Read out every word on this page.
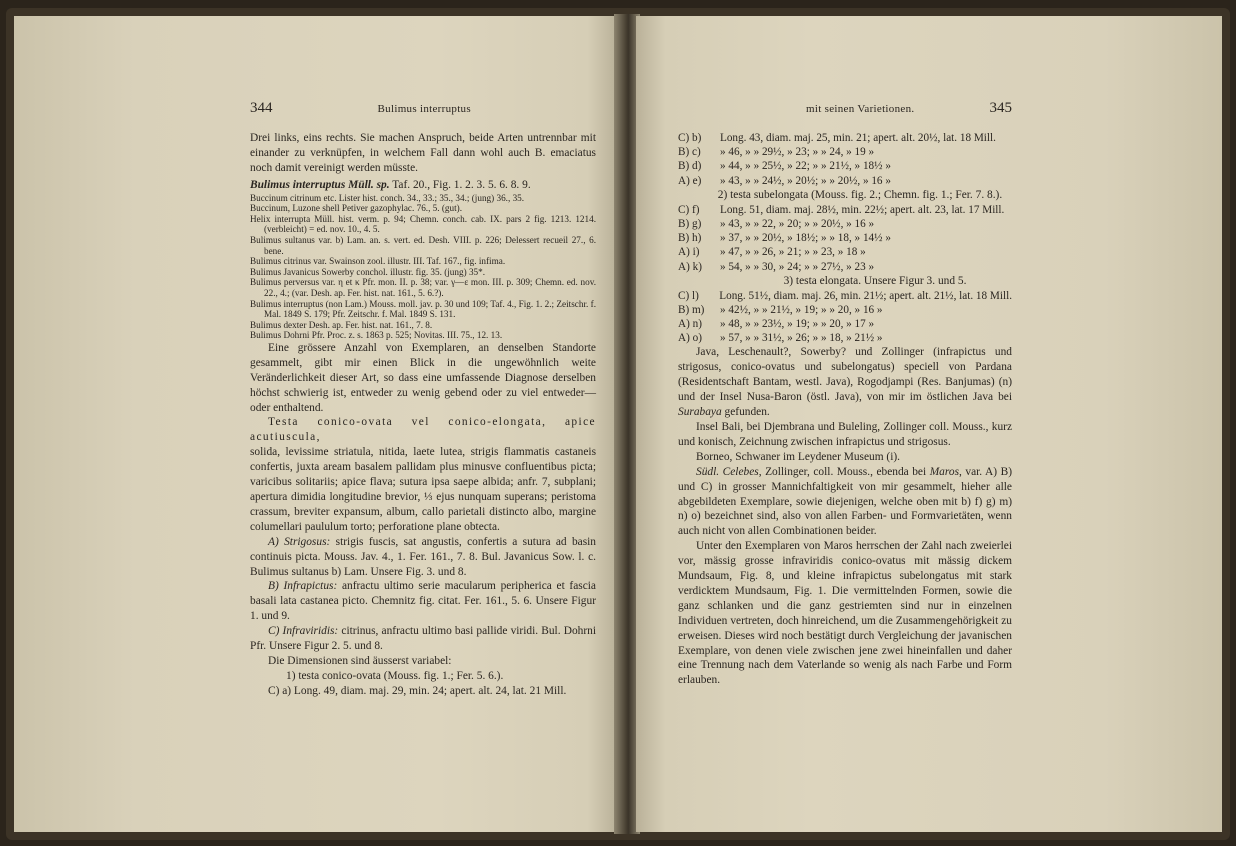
344	Bulimus interruptus

Drei links, eins rechts. Sie machen Anspruch, beide Arten untrennbar mit einander zu verknüpfen, in welchem Fall dann wohl auch B. emaciatus noch damit vereinigt werden müsste.

Bulimus interruptus Müll. sp. Taf. 20., Fig. 1. 2. 3. 5. 6. 8. 9.

Buccinum citrinum etc. Lister hist. conch. 34., 33.; 35., 34.; (jung) 36., 35.

Buccinum, Luzone shell Petiver gazophylac. 76., 5. (gut).

Helix interrupta Müll. hist. verm. p. 94; Chemn. conch. cab. IX. pars 2 fig. 1213. 1214. (verbleicht) = ed. nov. 10., 4. 5.

Bulimus sultanus var. b) Lam. an. s. vert. ed. Desh. VIII. p. 226; Delessert recueil 27., 6. bene.

Bulimus citrinus var. Swainson zool. illustr. III. Taf. 167., fig. infima.

Bulimus Javanicus Sowerby conchol. illustr. fig. 35. (jung) 35*.

Bulimus perversus var. η et κ Pfr. mon. II. p. 38; var. γ—ε mon. III. p. 309; Chemn. ed. nov. 22., 4.; (var. Desh. ap. Fer. hist. nat. 161., 5. 6.?).

Bulimus interruptus (non Lam.) Mouss. moll. jav. p. 30 und 109; Taf. 4., Fig. 1. 2.; Zeitschr. f. Mal. 1849 S. 179; Pfr. Zeitschr. f. Mal. 1849 S. 131.

Bulimus dexter Desh. ap. Fer. hist. nat. 161., 7. 8.

Bulimus Dohrni Pfr. Proc. z. s. 1863 p. 525; Novitas. III. 75., 12. 13.

Eine grössere Anzahl von Exemplaren, an denselben Standorte gesammelt, gibt mir einen Blick in die ungewöhnlich weite Veränderlichkeit dieser Art, so dass eine umfassende Diagnose derselben höchst schwierig ist, entweder zu wenig gebend oder zu viel entweder—oder enthaltend.

Testa conico-ovata vel conico-elongata, apice acutiuscula,

solida, levissime striatula, nitida, laete lutea, strigis flammatis castaneis confertis, juxta aream basalem pallidam plus minusve confluentibus picta; varicibus solitariis; apice flava; sutura ipsa saepe albida; anfr. 7, subplani; apertura dimidia longitudine brevior, ⅓ ejus nunquam superans; peristoma crassum, breviter expansum, album, callo parietali distincto albo, margine columellari paululum torto; perforatione plane obtecta.

A) Strigosus: strigis fuscis, sat angustis, confertis a sutura ad basin continuis picta. Mouss. Jav. 4., 1. Fer. 161., 7. 8. Bul. Javanicus Sow. l. c. Bulimus sultanus b) Lam. Unsere Fig. 3. und 8.

B) Infrapictus: anfractu ultimo serie macularum peripherica et fascia basali lata castanea picto. Chemnitz fig. citat. Fer. 161., 5. 6. Unsere Figur 1. und 9.

C) Infraviridis: citrinus, anfractu ultimo basi pallide viridi. Bul. Dohrni Pfr. Unsere Figur 2. 5. und 8.

Die Dimensionen sind äusserst variabel:

1) testa conico-ovata (Mouss. fig. 1.; Fer. 5. 6.).

C) a) Long. 49, diam. maj. 29, min. 24; apert. alt. 24, lat. 21 Mill.

mit seinen Varietionen.	345
C) b)	Long. 43, diam. maj. 25, min. 21; apert. alt. 20½, lat. 18 Mill.
B) c)	» 46, » » 29½, » 23; » » 24, » 19 »
B) d)	» 44, » » 25½, » 22; » » 21½, » 18½ »
A) e)	» 43, » » 24½, » 20½; » » 20½, » 16 »

2) testa subelongata (Mouss. fig. 2.; Chemn. fig. 1.; Fer. 7. 8.).

C) f)	Long. 51, diam. maj. 28½, min. 22½; apert. alt. 23, lat. 17 Mill.
B) g)	» 43, » » 22, » 20; » » 20½, » 16 »
B) h)	» 37, » » 20½, » 18½; » » 18, » 14½ »
A) i)	» 47, » » 26, » 21; » » 23, » 18 »
A) k)	» 54, » » 30, » 24; » » 27½, » 23 »

3) testa elongata. Unsere Figur 3. und 5.

C) l)	Long. 51½, diam. maj. 26, min. 21½; apert. alt. 21½, lat. 18 Mill.
B) m)	» 42½, » » 21½, » 19; » » 20, » 16 »
A) n)	» 48, » » 23½, » 19; » » 20, » 17 »
A) o)	» 57, » » 31½, » 26; » » 18, » 21½ »

Java, Leschenault?, Sowerby? und Zollinger (infrapictus und strigosus, conico-ovatus und subelongatus) speciell von Pardana (Residentschaft Bantam, westl. Java), Rogodjampi (Res. Banjumas) (n) und der Insel Nusa-Baron (östl. Java), von mir im östlichen Java bei Surabaya gefunden.

Insel Bali, bei Djembrana und Buleling, Zollinger coll. Mouss., kurz und konisch, Zeichnung zwischen infrapictus und strigosus.

Borneo, Schwaner im Leydener Museum (i).

Südl. Celebes, Zollinger, coll. Mouss., ebenda bei Maros, var. A) B) und C) in grosser Mannichfaltigkeit von mir gesammelt, hieher alle abgebildeten Exemplare, sowie diejenigen, welche oben mit b) f) g) m) n) o) bezeichnet sind, also von allen Farben- und Formvarietäten, wenn auch nicht von allen Combinationen beider.

Unter den Exemplaren von Maros herrschen der Zahl nach zweierlei vor, mässig grosse infraviridis conico-ovatus mit mässig dickem Mundsaum, Fig. 8, und kleine infrapictus subelongatus mit stark verdicktem Mundsaum, Fig. 1. Die vermittelnden Formen, sowie die ganz schlanken und die ganz gestriemten sind nur in einzelnen Individuen vertreten, doch hinreichend, um die Zusammengehörigkeit zu erweisen. Dieses wird noch bestätigt durch Vergleichung der javanischen Exemplare, von denen viele zwischen jene zwei hineinfallen und daher eine Trennung nach dem Vaterlande so wenig als nach Farbe und Form erlauben.
